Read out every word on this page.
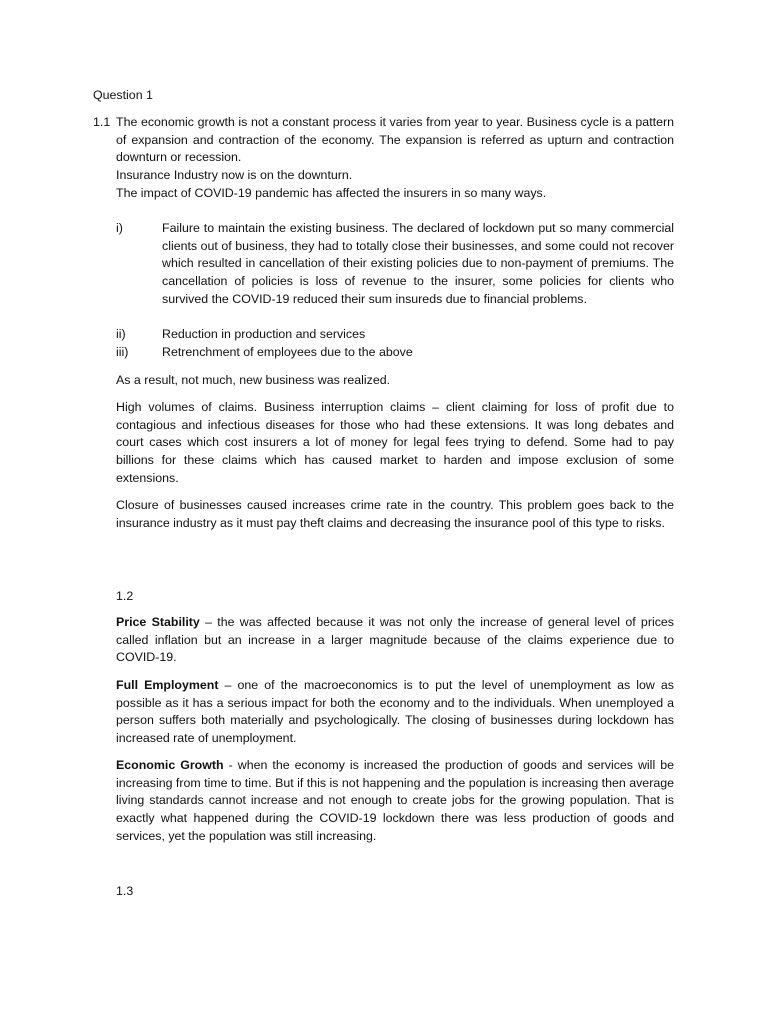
Question 1
1.1 The economic growth is not a constant process it varies from year to year. Business cycle is a pattern of expansion and contraction of the economy. The expansion is referred as upturn and contraction downturn or recession.

Insurance Industry now is on the downturn.

The impact of COVID-19 pandemic has affected the insurers in so many ways.

i)	Failure to maintain the existing business. The declared of lockdown put so many commercial clients out of business, they had to totally close their businesses, and some could not recover which resulted in cancellation of their existing policies due to non-payment of premiums. The cancellation of policies is loss of revenue to the insurer, some policies for clients who survived the COVID-19 reduced their sum insureds due to financial problems.
ii)	Reduction in production and services
iii)	Retrenchment of employees due to the above
As a result, not much, new business was realized.
High volumes of claims. Business interruption claims – client claiming for loss of profit due to contagious and infectious diseases for those who had these extensions. It was long debates and court cases which cost insurers a lot of money for legal fees trying to defend. Some had to pay billions for these claims which has caused market to harden and impose exclusion of some extensions.
Closure of businesses caused increases crime rate in the country. This problem goes back to the insurance industry as it must pay theft claims and decreasing the insurance pool of this type to risks.
1.2
Price Stability – the was affected because it was not only the increase of general level of prices called inflation but an increase in a larger magnitude because of the claims experience due to COVID-19.
Full Employment – one of the macroeconomics is to put the level of unemployment as low as possible as it has a serious impact for both the economy and to the individuals. When unemployed a person suffers both materially and psychologically. The closing of businesses during lockdown has increased rate of unemployment.
Economic Growth - when the economy is increased the production of goods and services will be increasing from time to time. But if this is not happening and the population is increasing then average living standards cannot increase and not enough to create jobs for the growing population. That is exactly what happened during the COVID-19 lockdown there was less production of goods and services, yet the population was still increasing.
1.3
